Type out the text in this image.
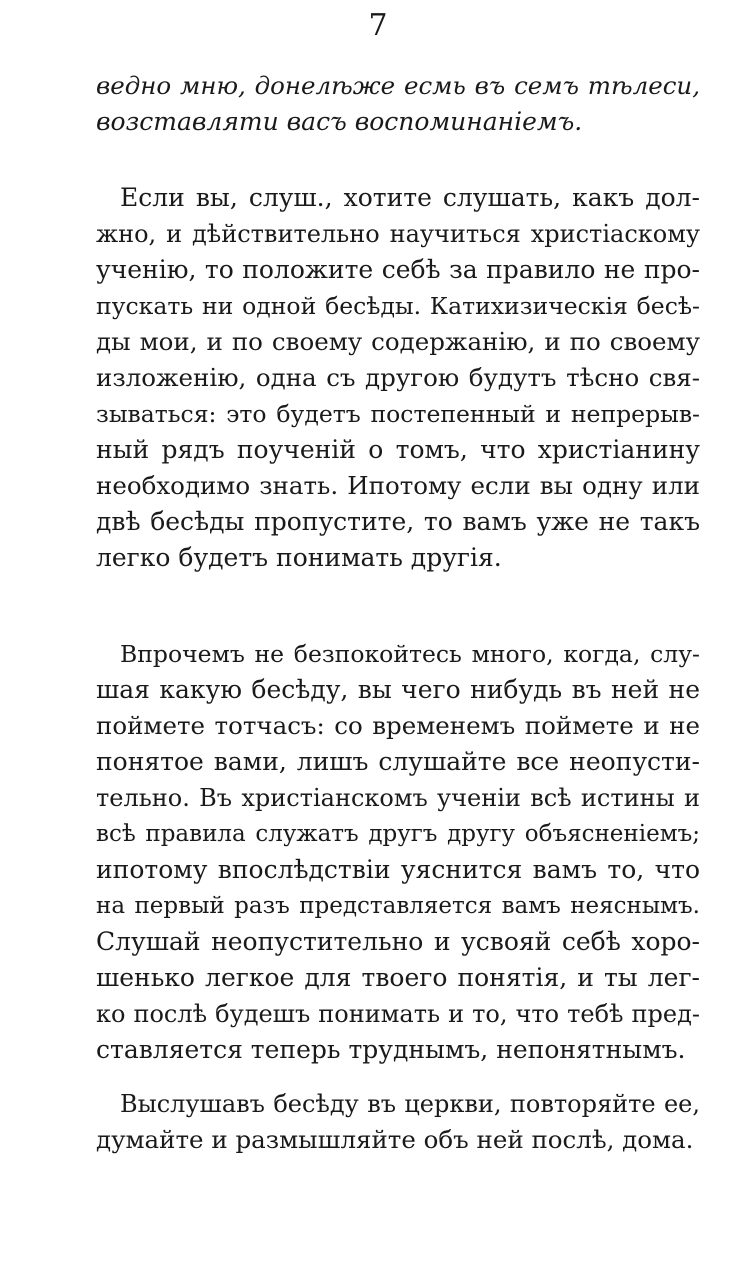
7
ведно мню, донелѣже есмь въ семъ тѣлеси,
возставляти васъ воспоминанiемъ.
Если вы, слуш., хотите слушать, какъ дол-
жно, и дѣйствительно научиться христiаскому
ученiю, то положите себѣ за правило не про-
пускать ни одной бесѣды. Катихизическiя бесѣ-
ды мои, и по своему содержанiю, и по своему
изложенiю, одна съ другою будутъ тѣсно свя-
зываться: это будетъ постепенный и непрерыв-
ный рядъ поученiй о томъ, что христiанину
необходимо знать. Ипотому если вы одну или
двѣ бесѣды пропустите, то вамъ уже не такъ
легко будетъ понимать другiя.
Впрочемъ не безпокойтесь много, когда, слу-
шая какую бесѣду, вы чего нибудь въ ней не
поймете тотчасъ: со временемъ поймете и не
понятое вами, лишъ слушайте все неопусти-
тельно. Въ христiанскомъ ученiи всѣ истины и
всѣ правила служатъ другъ другу объясненiемъ;
ипотому впослѣдствiи уяснится вамъ то, что
на первый разъ представляется вамъ неяснымъ.
Слушай неопустительно и усвояй себѣ хоро-
шенько легкое для твоего понятiя, и ты лег-
ко послѣ будешъ понимать и то, что тебѣ пред-
ставляется теперь труднымъ, непонятнымъ.
Выслушавъ бесѣду въ церкви, повторяйте ее,
думайте и размышляйте объ ней послѣ, дома.
